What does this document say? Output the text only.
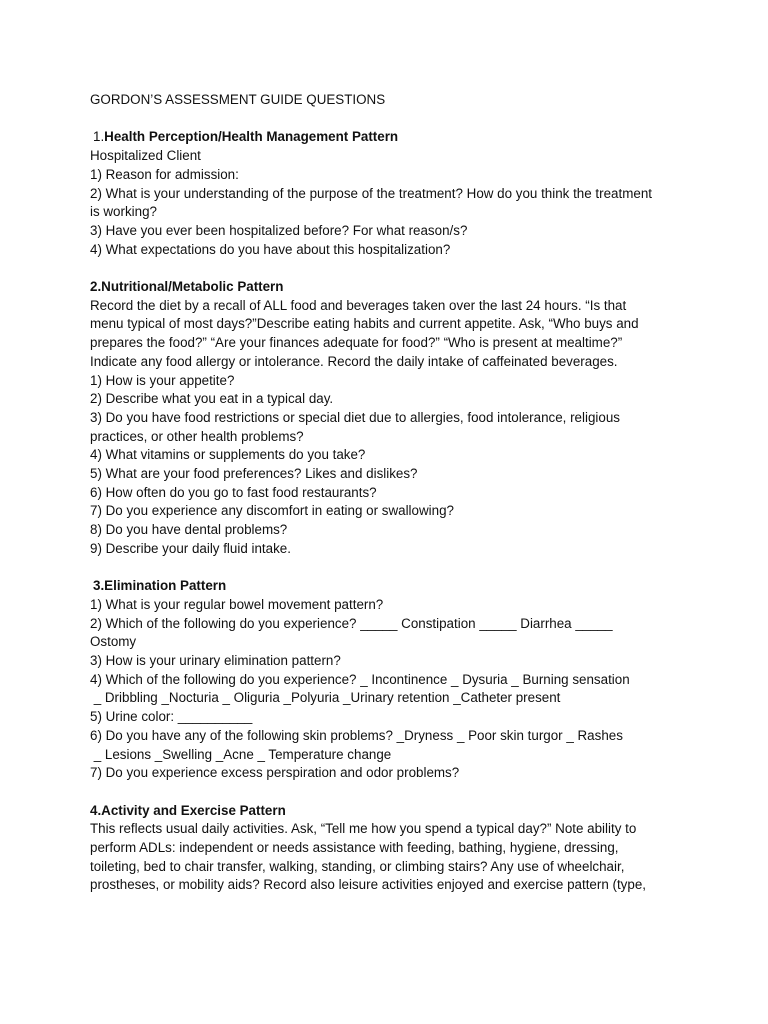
GORDON’S ASSESSMENT GUIDE QUESTIONS

1.Health Perception/Health Management Pattern

Hospitalized Client

1) Reason for admission:

2) What is your understanding of the purpose of the treatment? How do you think the treatment

is working?

3) Have you ever been hospitalized before? For what reason/s?

4) What expectations do you have about this hospitalization?

2.Nutritional/Metabolic Pattern

Record the diet by a recall of ALL food and beverages taken over the last 24 hours. “Is that

menu typical of most days?”Describe eating habits and current appetite. Ask, “Who buys and

prepares the food?” “Are your finances adequate for food?” “Who is present at mealtime?”

Indicate any food allergy or intolerance. Record the daily intake of caffeinated beverages.

1) How is your appetite?

2) Describe what you eat in a typical day.

3) Do you have food restrictions or special diet due to allergies, food intolerance, religious

practices, or other health problems?

4) What vitamins or supplements do you take?

5) What are your food preferences? Likes and dislikes?

6) How often do you go to fast food restaurants?

7) Do you experience any discomfort in eating or swallowing?

8) Do you have dental problems?

9) Describe your daily fluid intake.

3.Elimination Pattern

1) What is your regular bowel movement pattern?

2) Which of the following do you experience? _____ Constipation _____ Diarrhea _____

Ostomy

3) How is your urinary elimination pattern?

4) Which of the following do you experience? _ Incontinence _ Dysuria _ Burning sensation

_ Dribbling _Nocturia _ Oliguria _Polyuria _Urinary retention _Catheter present

5) Urine color: __________

6) Do you have any of the following skin problems? _Dryness _ Poor skin turgor _ Rashes

_ Lesions _Swelling _Acne _ Temperature change

7) Do you experience excess perspiration and odor problems?

4.Activity and Exercise Pattern

This reflects usual daily activities. Ask, “Tell me how you spend a typical day?” Note ability to

perform ADLs: independent or needs assistance with feeding, bathing, hygiene, dressing,

toileting, bed to chair transfer, walking, standing, or climbing stairs? Any use of wheelchair,

prostheses, or mobility aids? Record also leisure activities enjoyed and exercise pattern (type,
